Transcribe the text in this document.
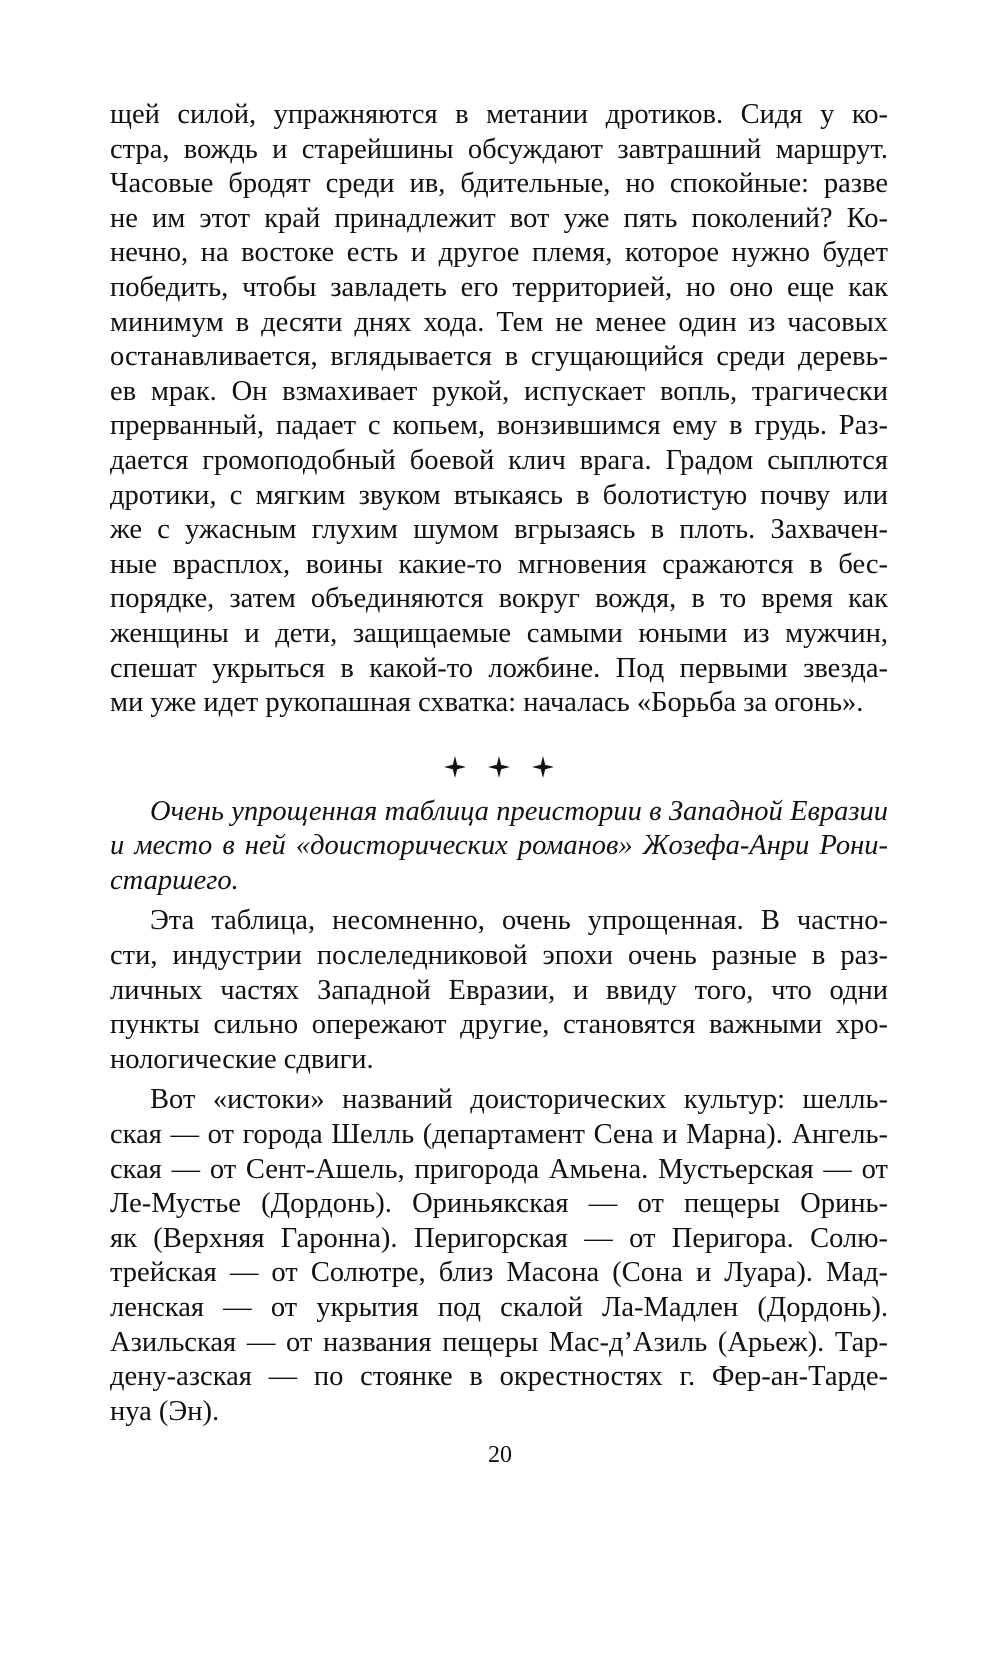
щей силой, упражняются в метании дротиков. Сидя у ко-
стра, вождь и старейшины обсуждают завтрашний маршрут.
Часовые бродят среди ив, бдительные, но спокойные: разве
не им этот край принадлежит вот уже пять поколений? Ко-
нечно, на востоке есть и другое племя, которое нужно будет
победить, чтобы завладеть его территорией, но оно еще как
минимум в десяти днях хода. Тем не менее один из часовых
останавливается, вглядывается в сгущающийся среди деревь-
ев мрак. Он взмахивает рукой, испускает вопль, трагически
прерванный, падает с копьем, вонзившимся ему в грудь. Раз-
дается громоподобный боевой клич врага. Градом сыплются
дротики, с мягким звуком втыкаясь в болотистую почву или
же с ужасным глухим шумом вгрызаясь в плоть. Захвачен-
ные врасплох, воины какие-то мгновения сражаются в бес-
порядке, затем объединяются вокруг вождя, в то время как
женщины и дети, защищаемые самыми юными из мужчин,
спешат укрыться в какой-то ложбине. Под первыми звезда-
ми уже идет рукопашная схватка: началась «Борьба за огонь».
Очень упрощенная таблица преистории в Западной Евразии
и место в ней «доисторических романов» Жозефа-Анри Рони-
старшего.
Эта таблица, несомненно, очень упрощенная. В частно-
сти, индустрии послеледниковой эпохи очень разные в раз-
личных частях Западной Евразии, и ввиду того, что одни
пункты сильно опережают другие, становятся важными хро-
нологические сдвиги.
Вот «истоки» названий доисторических культур: шелль-
ская — от города Шелль (департамент Сена и Марна). Ангель-
ская — от Сент-Ашель, пригорода Амьена. Мустьерская — от
Ле-Мустье (Дордонь). Ориньякская — от пещеры Оринь-
як (Верхняя Гаронна). Перигорская — от Перигора. Солю-
трейская — от Солютре, близ Масона (Сона и Луара). Мад-
ленская — от укрытия под скалой Ла-Мадлен (Дордонь).
Азильская — от названия пещеры Мас-д’Азиль (Арьеж). Тар-
дену-азская — по стоянке в окрестностях г. Фер-ан-Тарде-
нуа (Эн).
20
